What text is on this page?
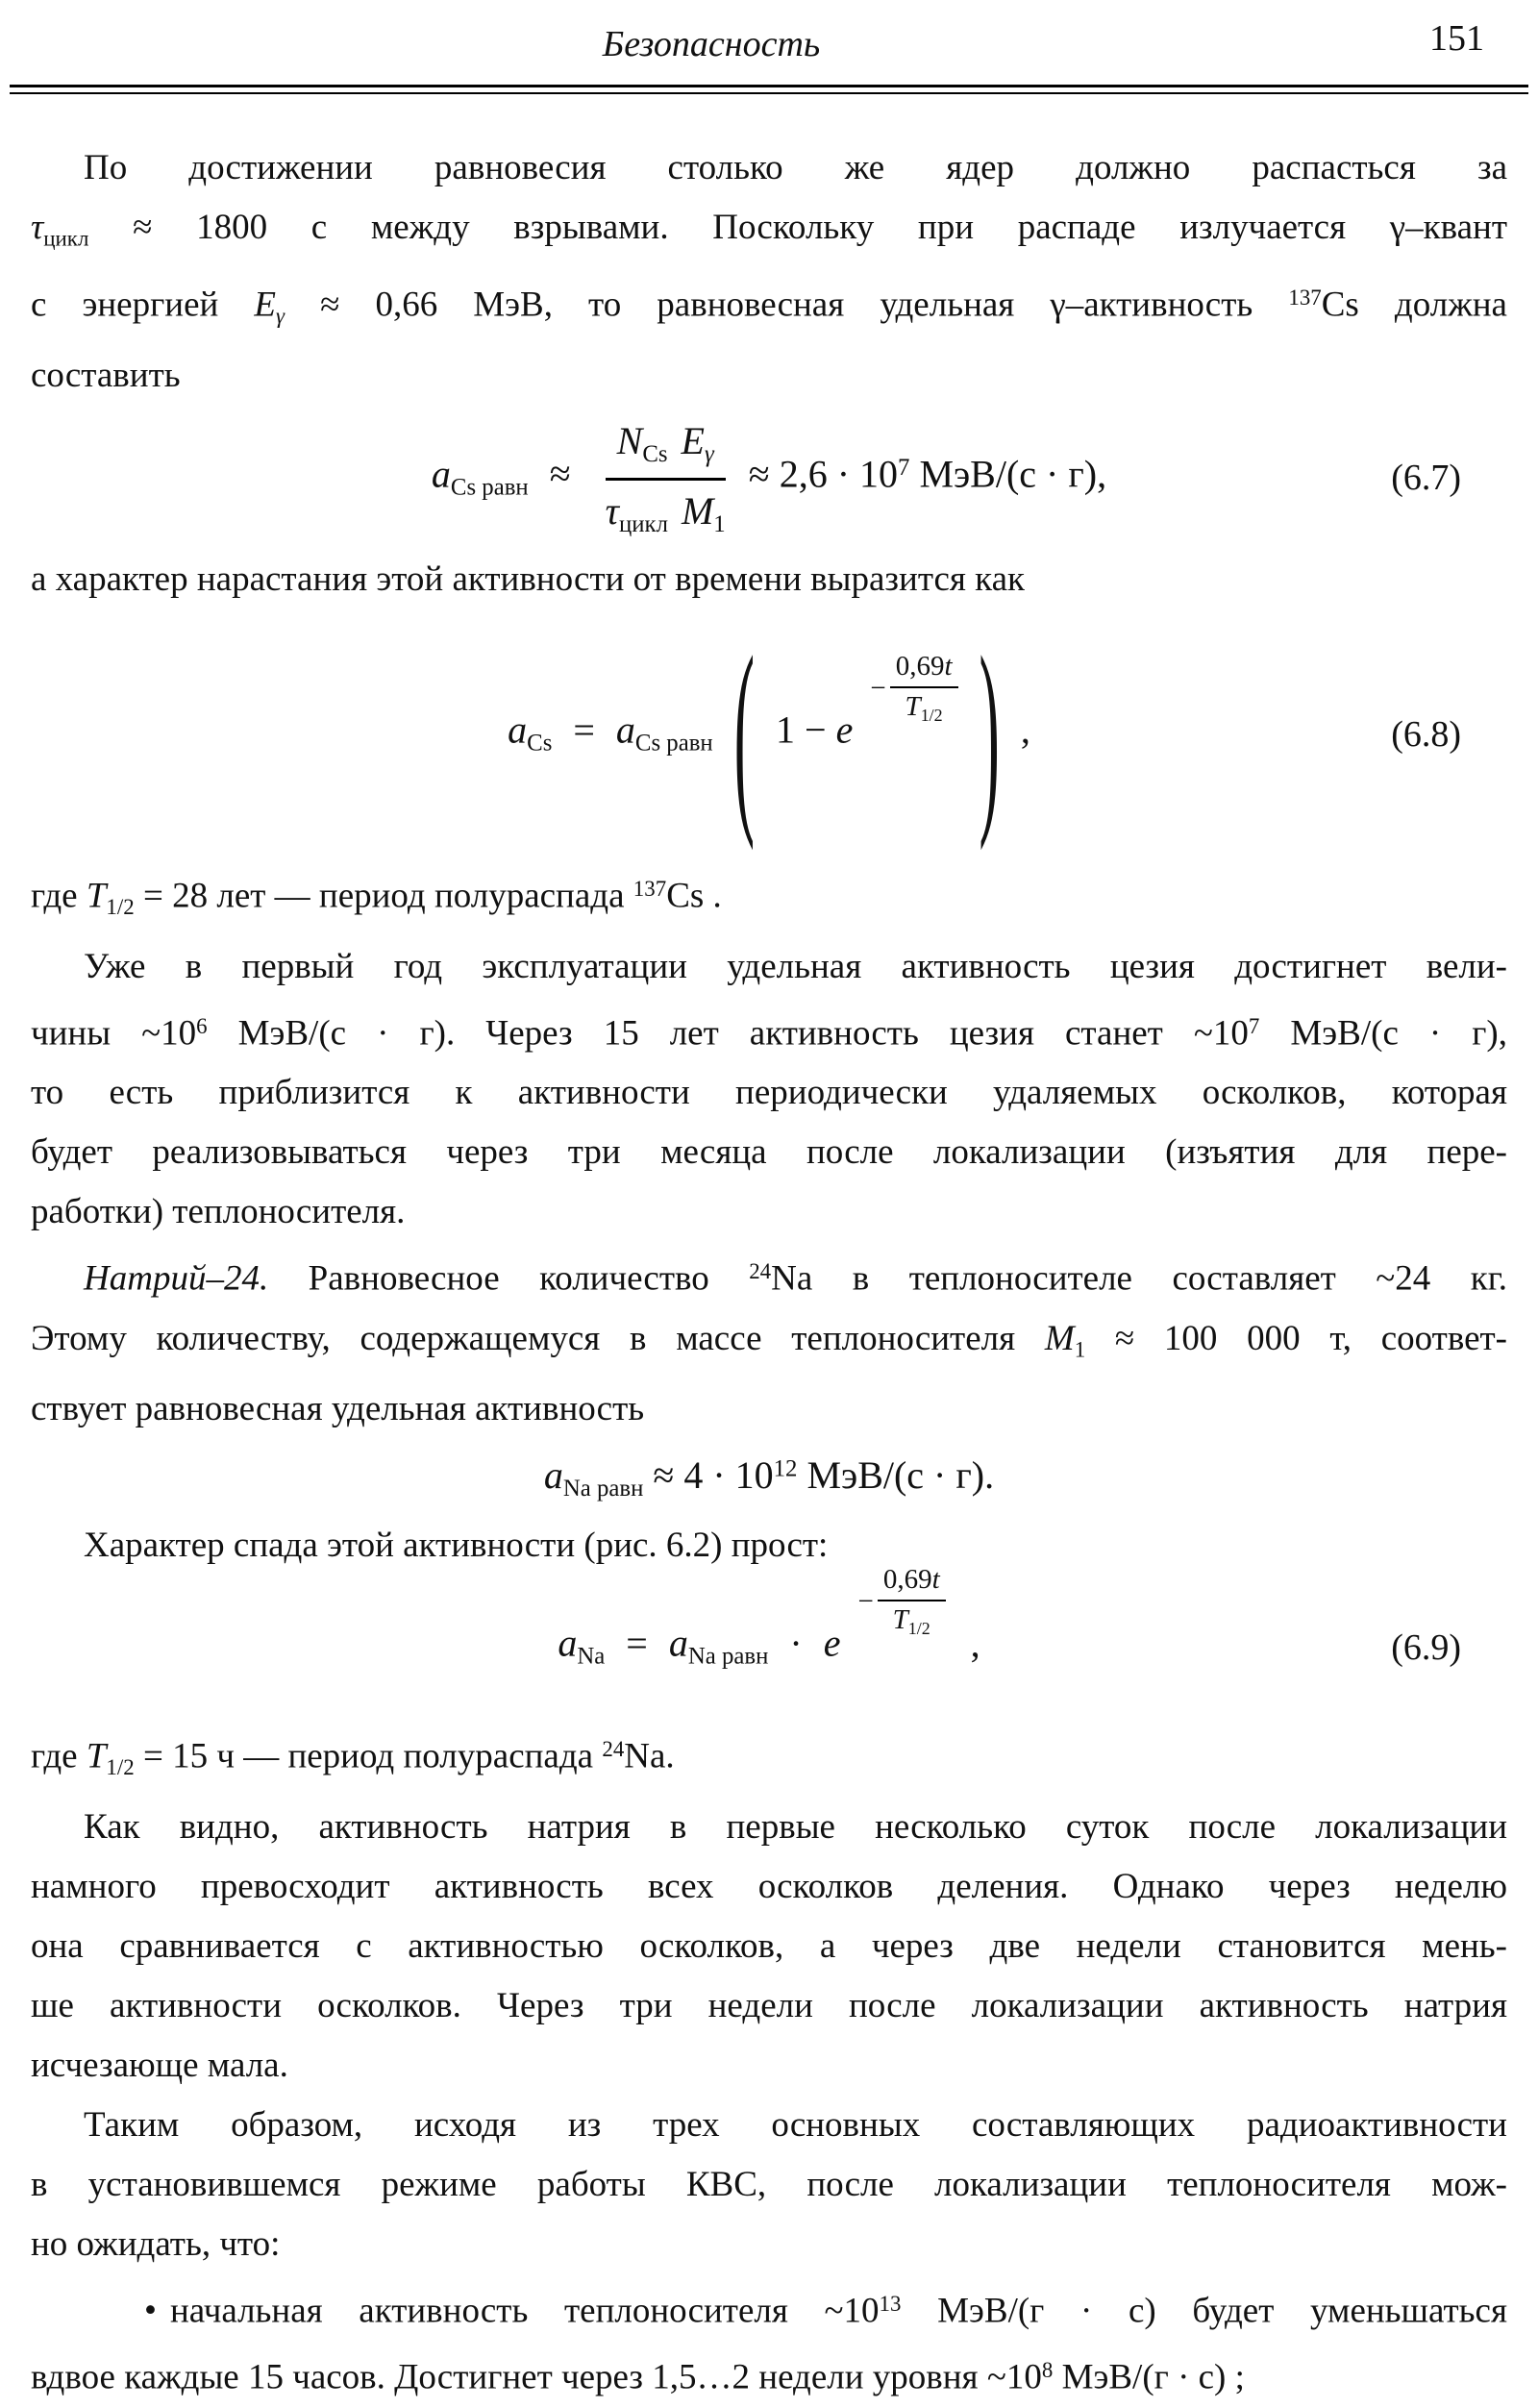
Безопасность	151
По достижении равновесия столько же ядер должно распасться за
τцикл ≈ 1800 с между взрывами. Поскольку при распаде излучается γ–квант
с энергией Eγ ≈ 0,66 МэВ, то равновесная удельная γ–активность $^{137}$Cs должна
составить
aCs равн ≈ $\frac{\text{NCs Eγ}}{\text{τцикл M1}} \approx 2,6 \cdot 10^7$ МэВ/(с · г),	(6.7)
а характер нарастания этой активности от времени выразится как
aCs = aCs равн ( 1 − e
− $\frac{0,69t}{T1/2}$ ) ,	(6.8)
где T1/2 = 28 лет — период полураспада $^{137}$Cs .
Уже в первый год эксплуатации удельная активность цезия достигнет вели-
чины $\sim 10^6$ МэВ/(с · г). Через 15 лет активность цезия станет $\sim 10^7$ МэВ/(с · г),
то есть приблизится к активности периодически удаляемых осколков, которая
будет реализовываться через три месяца после локализации (изъятия для пере-
работки) теплоносителя.
Натрий–24. Равновесное количество $^{24}$Na в теплоносителе составляет ~24 кг.
Этому количеству, содержащемуся в массе теплоносителя M1 ≈ 100 000 т, соответ-
ствует равновесная удельная активность
aNa равн ≈ $4 \cdot 10^{12}$ МэВ/(с · г).
Характер спада этой активности (рис. 6.2) прост:
aNa = aNa равн · e
− $\frac{0,69t}{T1/2}$
,	(6.9)
где T1/2 = 15 ч — период полураспада $^{24}$Na.
Как видно, активность натрия в первые несколько суток после локализации
намного превосходит активность всех осколков деления. Однако через неделю
она сравнивается с активностью осколков, а через две недели становится мень-
ше активности осколков. Через три недели после локализации активность натрия
исчезающе мала.
Таким образом, исходя из трех основных составляющих радиоактивности
в установившемся режиме работы КВС, после локализации теплоносителя мож-
но ожидать, что:
• начальная активность теплоносителя $\sim 10^{13}$ МэВ/(г · с) будет уменьшаться
вдвое каждые 15 часов. Достигнет через 1,5…2 недели уровня $\sim 10^8$ МэВ/(г · с) ;
